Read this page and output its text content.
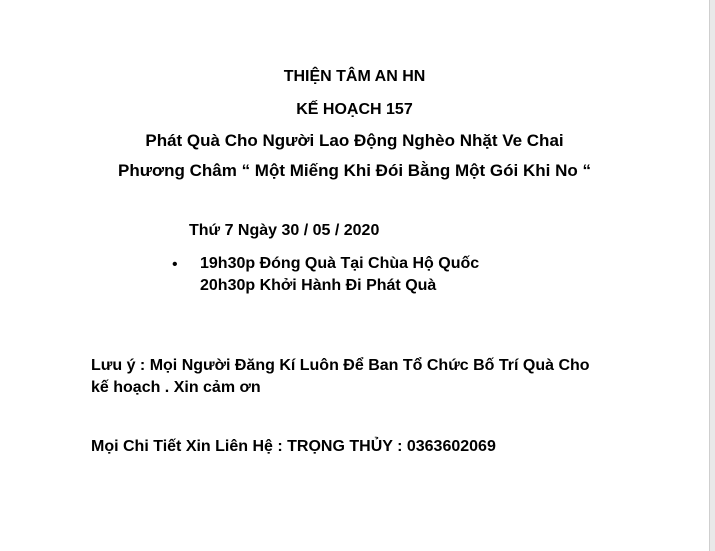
THIỆN TÂM AN HN
KẾ HOẠCH 157
Phát Quà Cho Người Lao Động Nghèo Nhặt Ve Chai
Phương Châm “ Một Miếng Khi Đói Bằng Một Gói Khi No “
Thứ 7 Ngày 30 / 05 / 2020
• 19h30p Đóng Quà Tại Chùa Hộ Quốc
20h30p Khởi Hành Đi Phát Quà
Lưu ý : Mọi Người Đăng Kí Luôn Để Ban Tổ Chức Bố Trí Quà Cho
kế hoạch . Xin cảm ơn
Mọi Chi Tiết Xin Liên Hệ : TRỌNG THỦY : 0363602069
